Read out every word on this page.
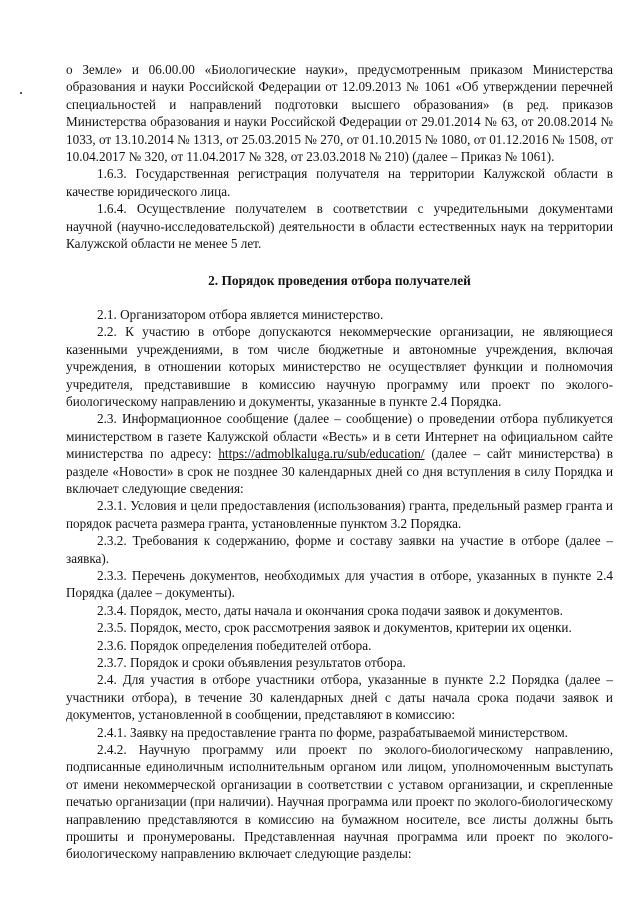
о Земле» и 06.00.00 «Биологические науки», предусмотренным приказом Министерства образования и науки Российской Федерации от 12.09.2013 № 1061 «Об утверждении перечней специальностей и направлений подготовки высшего образования» (в ред. приказов Министерства образования и науки Российской Федерации от 29.01.2014 № 63, от 20.08.2014 № 1033, от 13.10.2014 № 1313, от 25.03.2015 № 270, от 01.10.2015 № 1080, от 01.12.2016 № 1508, от 10.04.2017 № 320, от 11.04.2017 № 328, от 23.03.2018 № 210) (далее – Приказ № 1061).

1.6.3. Государственная регистрация получателя на территории Калужской области в качестве юридического лица.

1.6.4. Осуществление получателем в соответствии с учредительными документами научной (научно-исследовательской) деятельности в области естественных наук на территории Калужской области не менее 5 лет.

2. Порядок проведения отбора получателей

2.1. Организатором отбора является министерство.

2.2. К участию в отборе допускаются некоммерческие организации, не являющиеся казенными учреждениями, в том числе бюджетные и автономные учреждения, включая учреждения, в отношении которых министерство не осуществляет функции и полномочия учредителя, представившие в комиссию научную программу или проект по эколого-биологическому направлению и документы, указанные в пункте 2.4 Порядка.

2.3. Информационное сообщение (далее – сообщение) о проведении отбора публикуется министерством в газете Калужской области «Весть» и в сети Интернет на официальном сайте министерства по адресу: https://admoblkaluga.ru/sub/education/ (далее – сайт министерства) в разделе «Новости» в срок не позднее 30 календарных дней со дня вступления в силу Порядка и включает следующие сведения:

2.3.1. Условия и цели предоставления (использования) гранта, предельный размер гранта и порядок расчета размера гранта, установленные пунктом 3.2 Порядка.

2.3.2. Требования к содержанию, форме и составу заявки на участие в отборе (далее – заявка).

2.3.3. Перечень документов, необходимых для участия в отборе, указанных в пункте 2.4 Порядка (далее – документы).

2.3.4. Порядок, место, даты начала и окончания срока подачи заявок и документов.

2.3.5. Порядок, место, срок рассмотрения заявок и документов, критерии их оценки.

2.3.6. Порядок определения победителей отбора.

2.3.7. Порядок и сроки объявления результатов отбора.

2.4. Для участия в отборе участники отбора, указанные в пункте 2.2 Порядка (далее – участники отбора), в течение 30 календарных дней с даты начала срока подачи заявок и документов, установленной в сообщении, представляют в комиссию:

2.4.1. Заявку на предоставление гранта по форме, разрабатываемой министерством.

2.4.2. Научную программу или проект по эколого-биологическому направлению, подписанные единоличным исполнительным органом или лицом, уполномоченным выступать от имени некоммерческой организации в соответствии с уставом организации, и скрепленные печатью организации (при наличии). Научная программа или проект по эколого-биологическому направлению представляются в комиссию на бумажном носителе, все листы должны быть прошиты и пронумерованы. Представленная научная программа или проект по эколого-биологическому направлению включает следующие разделы:
